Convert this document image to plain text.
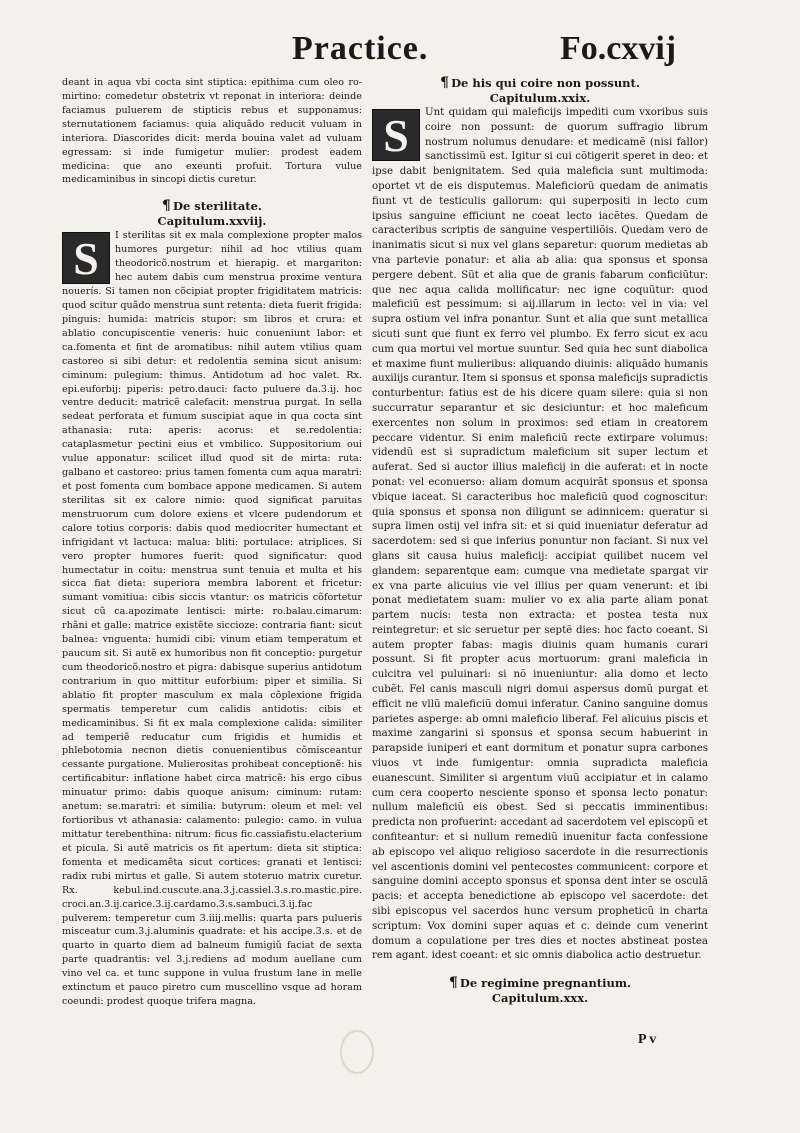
Practice.	Fo.cxvij

deant in aqua vbi cocta sint stiptica: epithima cum oleo ro-mirtino: comedetur obstetrix vt reponat in interiora: deinde faciamus puluerem de stipticis rebus et supponamus: sternutationem faciamus: quia aliquãdo reducit vuluam in interiora. Diascorides dicit: merda bouina valet ad vuluam egressam: si inde fumigetur mulier: prodest eadem medicina: que ano exeunti profuit. Tortura vulue medicaminibus in sincopi dictis curetur.

¶ De sterilitate.

Capitulum.xxviij.

S	I sterilitas sit ex mala complexione propter malos humores purgetur: nihil ad hoc vtilius quam theodoricõ.nostrum et hierapig. et margariton: hec autem dabis cum menstrua proxime ventura nouerís. Si tamen non cõcipiat propter frigiditatem matricis: quod scitur quãdo menstrua sunt retenta: dieta fuerit frigida: pinguis: humida: matricis stupor: sm libros et crura: et ablatio concupiscentie veneris: huic conueniunt labor: et ca.fomenta et fint de aromatibus: nihil autem vtilius quam castoreo si sibi detur: et redolentia semina sicut anisum: ciminum: pulegium: thimus. Antidotum ad hoc valet. Rx. epi.euforbij: piperis: petro.dauci: facto puluere da.3.ij. hoc ventre deducit: matricẽ calefacit: menstrua purgat. In sella sedeat perforata et fumum suscipiat aque in qua cocta sint athanasia: ruta: aperis: acorus: et se.redolentia: cataplasmetur pectini eius et vmbilico. Suppositorium oui vulue apponatur: scilicet illud quod sit de mirta: ruta: galbano et castoreo: prius tamen fomenta cum aqua maratri: et post fomenta cum bombace appone medicamen. Si autem sterilitas sit ex calore nimio: quod significat paruitas menstruorum cum dolore exiens et vlcere pudendorum et calore totius corporis: dabis quod mediocriter humectant et infrigidant vt lactuca: malua: bliti: portulace: atriplices. Si vero propter humores fuerit: quod significatur: quod humectatur in coitu: menstrua sunt tenuia et multa et his sicca fiat dieta: superiora membra laborent et fricetur: sumant vomitiua: cibis siccis vtantur: os matricis cõfortetur sicut cũ ca.apozimate lentisci: mirte: ro.balau.cimarum: rhãni et galle: matrice existẽte siccioze: contraria fiant: sicut balnea: vnguenta: humidi cibi: vinum etiam temperatum et paucum sit. Si autẽ ex humoribus non fit conceptio: purgetur cum theodoricõ.nostro et pigra: dabisque superius antidotum contrarium in quo mittitur euforbium: piper et similia. Si ablatio fit propter masculum ex mala cõplexione frigida spermatis temperetur cum calidis antidotis: cibis et medicaminibus. Si fit ex mala complexione calida: similiter ad temperiẽ reducatur cum frigidis et humidis et phlebotomia necnon dietis conuenientibus cõmisceantur cessante purgatione. Mulierositas prohibeat conceptionẽ: his certificabitur: inflatione habet circa matricẽ: his ergo cibus minuatur primo: dabis quoque anisum: ciminum: rutam: anetum: se.maratri: et similia: butyrum: oleum et mel: vel fortioribus vt athanasia: calamento: pulegio: camo. in vulua mittatur terebenthina: nitrum: ficus fic.cassiafistu.elacterium et picula. Si autẽ matricis os fit apertum: dieta sit stiptica: fomenta et medicamẽta sicut cortices: granati et lentisci: radix rubi mirtus et galle. Si autem stoteruo matrix curetur. Rx. kebul.ind.cuscute.ana.3.j.cassiel.3.s.ro.mastic.pire. croci.an.3.ij.carice.3.ij.cardamo.3.s.sambuci.3.ij.fac pulverem: temperetur cum 3.iiij.mellis: quarta pars pulueris misceatur cum.3.j.aluminis quadrate: et his accipe.3.s. et de quarto in quarto diem ad balneum fumigiũ faciat de sexta parte quadrantis: vel 3.j.rediens ad modum auellane cum vino vel ca. et tunc suppone in vulua frustum lane in melle extinctum et pauco piretro cum muscellino vsque ad horam coeundi: prodest quoque trifera magna.

¶ De his qui coire non possunt.

Capitulum.xxix.

S	Unt quidam qui maleficijs impediti cum vxoribus suis coire non possunt: de quorum suffragio librum nostrum nolumus denudare: et medicamẽ (nisi fallor) sanctissimũ est. Igitur si cui cõtigerit speret in deo: et ipse dabit benignitatem. Sed quia maleficia sunt multimoda: oportet vt de eis disputemus. Maleficiorũ quedam de animatis fiunt vt de testiculis gallorum: qui superpositi in lecto cum ipsius sanguine efficiunt ne coeat lecto iacẽtes. Quedam de caracteribus scriptis de sanguine vespertiliõis. Quedam vero de inanimatis sicut si nux vel glans separetur: quorum medietas ab vna partevie ponatur: et alia ab alia: qua sponsus et sponsa pergere debent. Sũt et alia que de granis fabarum conficiũtur: que nec aqua calida mollificatur: nec igne coquũtur: quod maleficiũ est pessimum: si aij.illarum in lecto: vel in via: vel supra ostium vel infra ponantur. Sunt et alia que sunt metallica sicuti sunt que fiunt ex ferro vel plumbo. Ex ferro sicut ex acu cum qua mortui vel mortue suuntur. Sed quia hec sunt diabolica et maxime fiunt mulieribus: aliquando diuinis: aliquãdo humanis auxilijs curantur. Item si sponsus et sponsa maleficijs supradictis conturbentur: fatius est de his dicere quam silere: quia si non succurratur separantur et sic desiciuntur: et hoc maleficum exercentes non solum in proximos: sed etiam in creatorem peccare videntur. Si enim maleficiũ recte extirpare volumus: videndũ est si supradictum maleficium sit super lectum et auferat. Sed si auctor illius maleficij in die auferat: et in nocte ponat: vel econuerso: aliam domum acquirãt sponsus et sponsa vbique iaceat. Si caracteribus hoc maleficiũ quod cognoscitur: quia sponsus et sponsa non diligunt se adinnicem: queratur si supra limen ostij vel infra sit: et si quid inueniatur deferatur ad sacerdotem: sed si que inferius ponuntur non faciant. Si nux vel glans sit causa huius maleficij: accipiat quilibet nucem vel glandem: separentque eam: cumque vna medietate spargat vir ex vna parte alicuius vie vel illius per quam venerunt: et ibi ponat medietatem suam: mulier vo ex alia parte aliam ponat partem nucis: testa non extracta: et postea testa nux reintegretur: et sic seruetur per septẽ dies: hoc facto coeant. Si autem propter fabas: magis diuinis quam humanis curari possunt. Si fit propter acus mortuorum: grani maleficia in culcitra vel puluinari: si nõ inueniuntur: alia domo et lecto cubẽt. Fel canis masculi nigri domui aspersus domũ purgat et efficit ne vllũ maleficiũ domui inferatur. Canino sanguine domus parietes asperge: ab omni maleficio liberaf. Fel alicuius piscis et maxime zangarini si sponsus et sponsa secum habuerint in parapside iuniperi et eant dormitum et ponatur supra carbones viuos vt inde fumigentur: omnia supradicta maleficia euanescunt. Similiter si argentum viuũ accipiatur et in calamo cum cera cooperto nesciente sponso et sponsa lecto ponatur: nullum maleficiũ eis obest. Sed si peccatis imminentibus: predicta non profuerint: accedant ad sacerdotem vel episcopũ et confiteantur: et si nullum remediũ inuenitur facta confessione ab episcopo vel aliquo religioso sacerdote in die resurrectionis vel ascentionis domini vel pentecostes communicent: corpore et sanguine domini accepto sponsus et sponsa dent inter se osculã pacis: et accepta benedictione ab episcopo vel sacerdote: det sibi episcopus vel sacerdos hunc versum propheticũ in charta scriptum: Vox domini super aquas et c. deinde cum venerint domum a copulatione per tres dies et noctes abstineat postea rem agant. idest coeant: et sic omnis diabolica actio destruetur.

¶ De regimine pregnantium.

Capitulum.xxx.

P v
